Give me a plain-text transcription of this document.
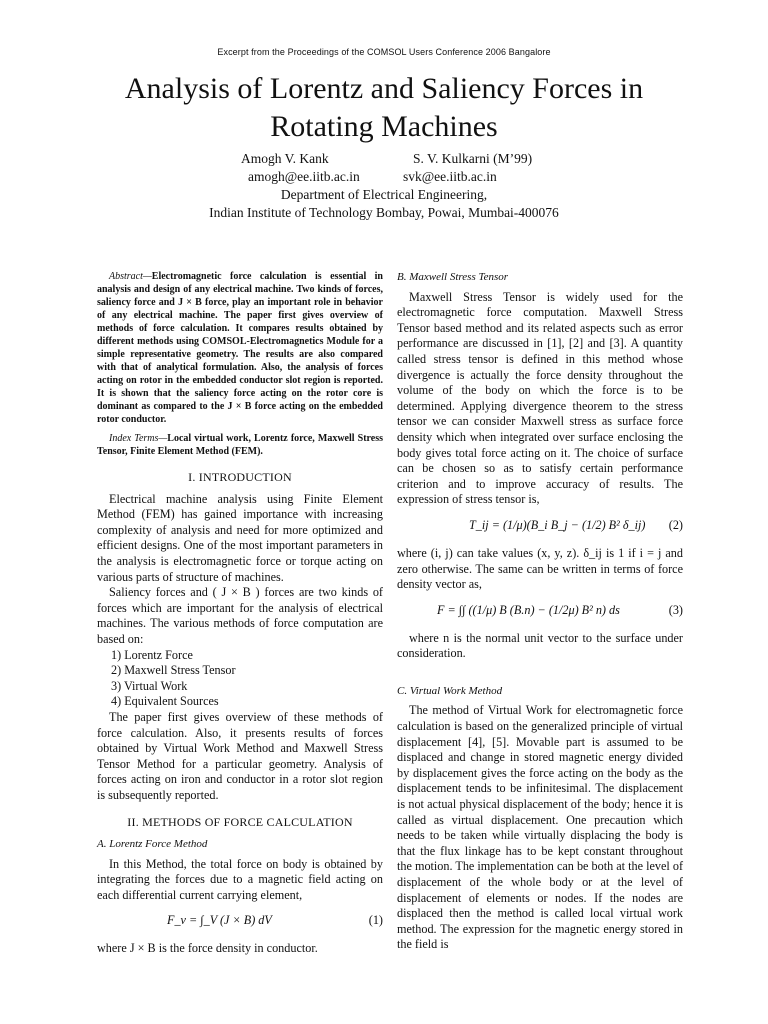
Excerpt from the Proceedings of the COMSOL Users Conference 2006 Bangalore
Analysis of Lorentz and Saliency Forces in
Rotating Machines
Amogh V. Kank
amogh@ee.iitb.ac.in
S. V. Kulkarni (M’99)
svk@ee.iitb.ac.in
Department of Electrical Engineering,
Indian Institute of Technology Bombay, Powai, Mumbai-400076

Abstract—Electromagnetic force calculation is essential in analysis and design of any electrical machine. Two kinds of forces, saliency force and J × B force, play an important role in behavior of any electrical machine. The paper first gives overview of methods of force calculation. It compares results obtained by different methods using COMSOL-Electromagnetics Module for a simple representative geometry. The results are also compared with that of analytical formulation. Also, the analysis of forces acting on rotor in the embedded conductor slot region is reported. It is shown that the saliency force acting on the rotor core is dominant as compared to the J × B force acting on the embedded rotor conductor.

Index Terms—Local virtual work, Lorentz force, Maxwell Stress Tensor, Finite Element Method (FEM).

I. INTRODUCTION

Electrical machine analysis using Finite Element Method (FEM) has gained importance with increasing complexity of analysis and need for more optimized and efficient designs. One of the most important parameters in the analysis is electromagnetic force or torque acting on various parts of structure of machines.

Saliency forces and ( J × B ) forces are two kinds of forces which are important for the analysis of electrical machines. The various methods of force computation are based on:

1) Lorentz Force
2) Maxwell Stress Tensor
3) Virtual Work
4) Equivalent Sources

The paper first gives overview of these methods of force calculation. Also, it presents results of forces obtained by Virtual Work Method and Maxwell Stress Tensor Method for a particular geometry. Analysis of forces acting on iron and conductor in a rotor slot region is subsequently reported.

II. METHODS OF FORCE CALCULATION
A. Lorentz Force Method

In this Method, the total force on body is obtained by integrating the forces due to a magnetic field acting on each differential current carrying element,

F_v = ∫_V (J × B) dV	(1)

where J × B is the force density in conductor.

B. Maxwell Stress Tensor

Maxwell Stress Tensor is widely used for the electromagnetic force computation. Maxwell Stress Tensor based method and its related aspects such as error performance are discussed in [1], [2] and [3]. A quantity called stress tensor is defined in this method whose divergence is actually the force density throughout the volume of the body on which the force is to be determined. Applying divergence theorem to the stress tensor we can consider Maxwell stress as surface force density which when integrated over surface enclosing the body gives total force acting on it. The choice of surface can be chosen so as to satisfy certain performance criterion and to improve accuracy of results. The expression of stress tensor is,

T_ij = (1/μ)(B_i B_j − (1/2) B² δ_ij) (2)

where (i, j) can take values (x, y, z). δ_ij is 1 if i = j and zero otherwise. The same can be written in terms of force density vector as,

F = ∫∫ ((1/μ) B (B.n) − (1/2μ) B² n) ds	(3)

where n is the normal unit vector to the surface under consideration.

C. Virtual Work Method

The method of Virtual Work for electromagnetic force calculation is based on the generalized principle of virtual displacement [4], [5]. Movable part is assumed to be displaced and change in stored magnetic energy divided by displacement gives the force acting on the body as the displacement tends to be infinitesimal. The displacement is not actual physical displacement of the body; hence it is called as virtual displacement. One precaution which needs to be taken while virtually displacing the body is that the flux linkage has to be kept constant throughout the motion. The implementation can be both at the level of displacement of the whole body or at the level of displacement of elements or nodes. If the nodes are displaced then the method is called local virtual work method. The expression for the magnetic energy stored in the field is
